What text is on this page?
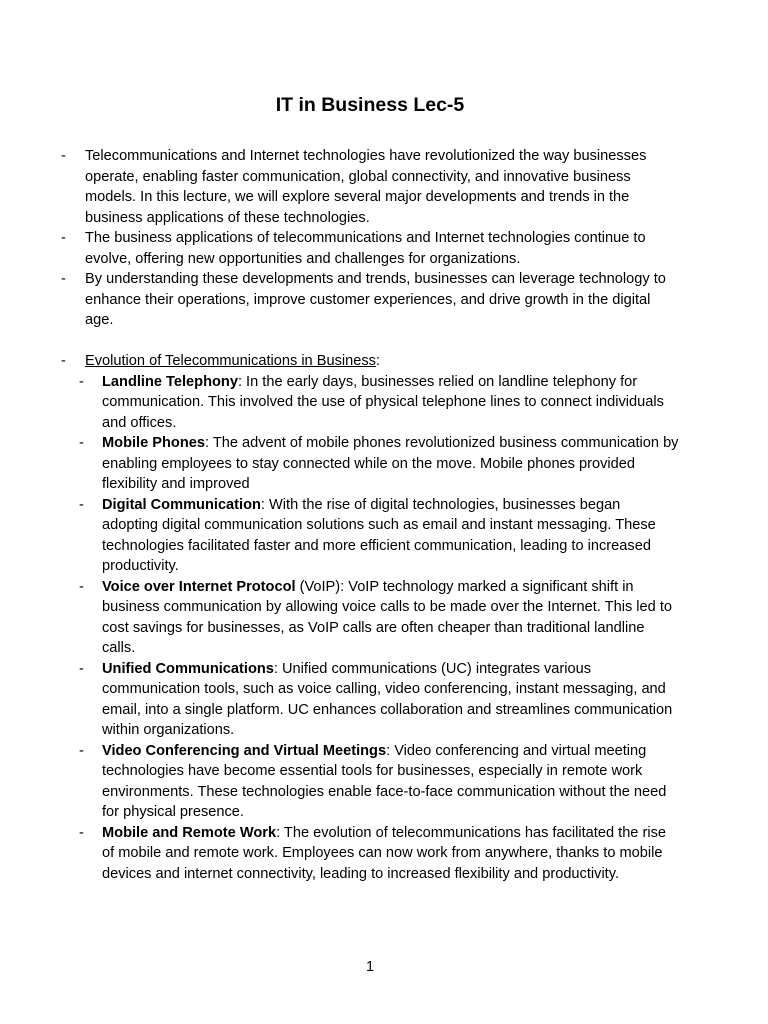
IT in Business Lec-5
- Telecommunications and Internet technologies have revolutionized the way businesses operate, enabling faster communication, global connectivity, and innovative business models. In this lecture, we will explore several major developments and trends in the business applications of these technologies.
- The business applications of telecommunications and Internet technologies continue to evolve, offering new opportunities and challenges for organizations.
- By understanding these developments and trends, businesses can leverage technology to enhance their operations, improve customer experiences, and drive growth in the digital age.
- Evolution of Telecommunications in Business:
- Landline Telephony: In the early days, businesses relied on landline telephony for communication. This involved the use of physical telephone lines to connect individuals and offices.
- Mobile Phones: The advent of mobile phones revolutionized business communication by enabling employees to stay connected while on the move. Mobile phones provided flexibility and improved
- Digital Communication: With the rise of digital technologies, businesses began adopting digital communication solutions such as email and instant messaging. These technologies facilitated faster and more efficient communication, leading to increased productivity.
- Voice over Internet Protocol (VoIP): VoIP technology marked a significant shift in business communication by allowing voice calls to be made over the Internet. This led to cost savings for businesses, as VoIP calls are often cheaper than traditional landline calls.
- Unified Communications: Unified communications (UC) integrates various communication tools, such as voice calling, video conferencing, instant messaging, and email, into a single platform. UC enhances collaboration and streamlines communication within organizations.
- Video Conferencing and Virtual Meetings: Video conferencing and virtual meeting technologies have become essential tools for businesses, especially in remote work environments. These technologies enable face-to-face communication without the need for physical presence.
- Mobile and Remote Work: The evolution of telecommunications has facilitated the rise of mobile and remote work. Employees can now work from anywhere, thanks to mobile devices and internet connectivity, leading to increased flexibility and productivity.
1
